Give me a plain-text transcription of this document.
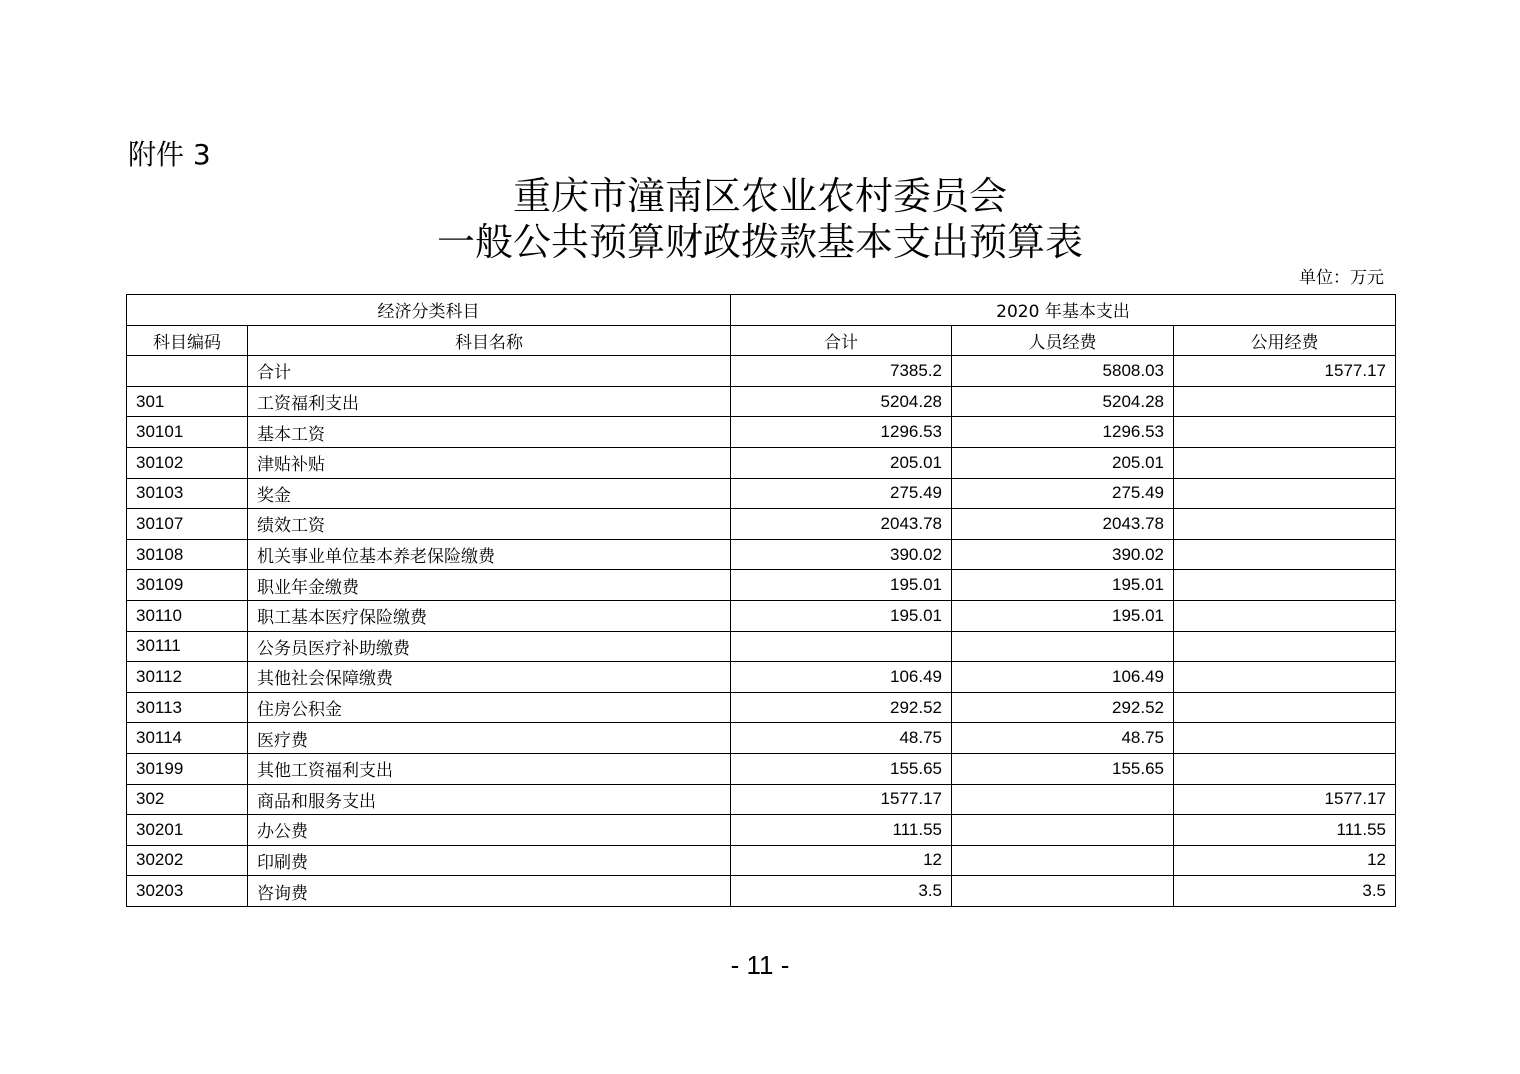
附件 3
重庆市潼南区农业农村委员会
一般公共预算财政拨款基本支出预算表
单位：万元
经济分类科目		2020 年基本支出		
科目编码	科目名称	合计	人员经费	公用经费
	合计	7385.2	5808.03	1577.17
301	工资福利支出	5204.28	5204.28	
30101	基本工资	1296.53	1296.53	
30102	津贴补贴	205.01	205.01	
30103	奖金	275.49	275.49	
30107	绩效工资	2043.78	2043.78	
30108	机关事业单位基本养老保险缴费	390.02	390.02	
30109	职业年金缴费	195.01	195.01	
30110	职工基本医疗保险缴费	195.01	195.01	
30111	公务员医疗补助缴费			
30112	其他社会保障缴费	106.49	106.49	
30113	住房公积金	292.52	292.52	
30114	医疗费	48.75	48.75	
30199	其他工资福利支出	155.65	155.65	
302	商品和服务支出	1577.17		1577.17
30201	办公费	111.55		111.55
30202	印刷费	12		12
30203	咨询费	3.5		3.5
- 11 -
